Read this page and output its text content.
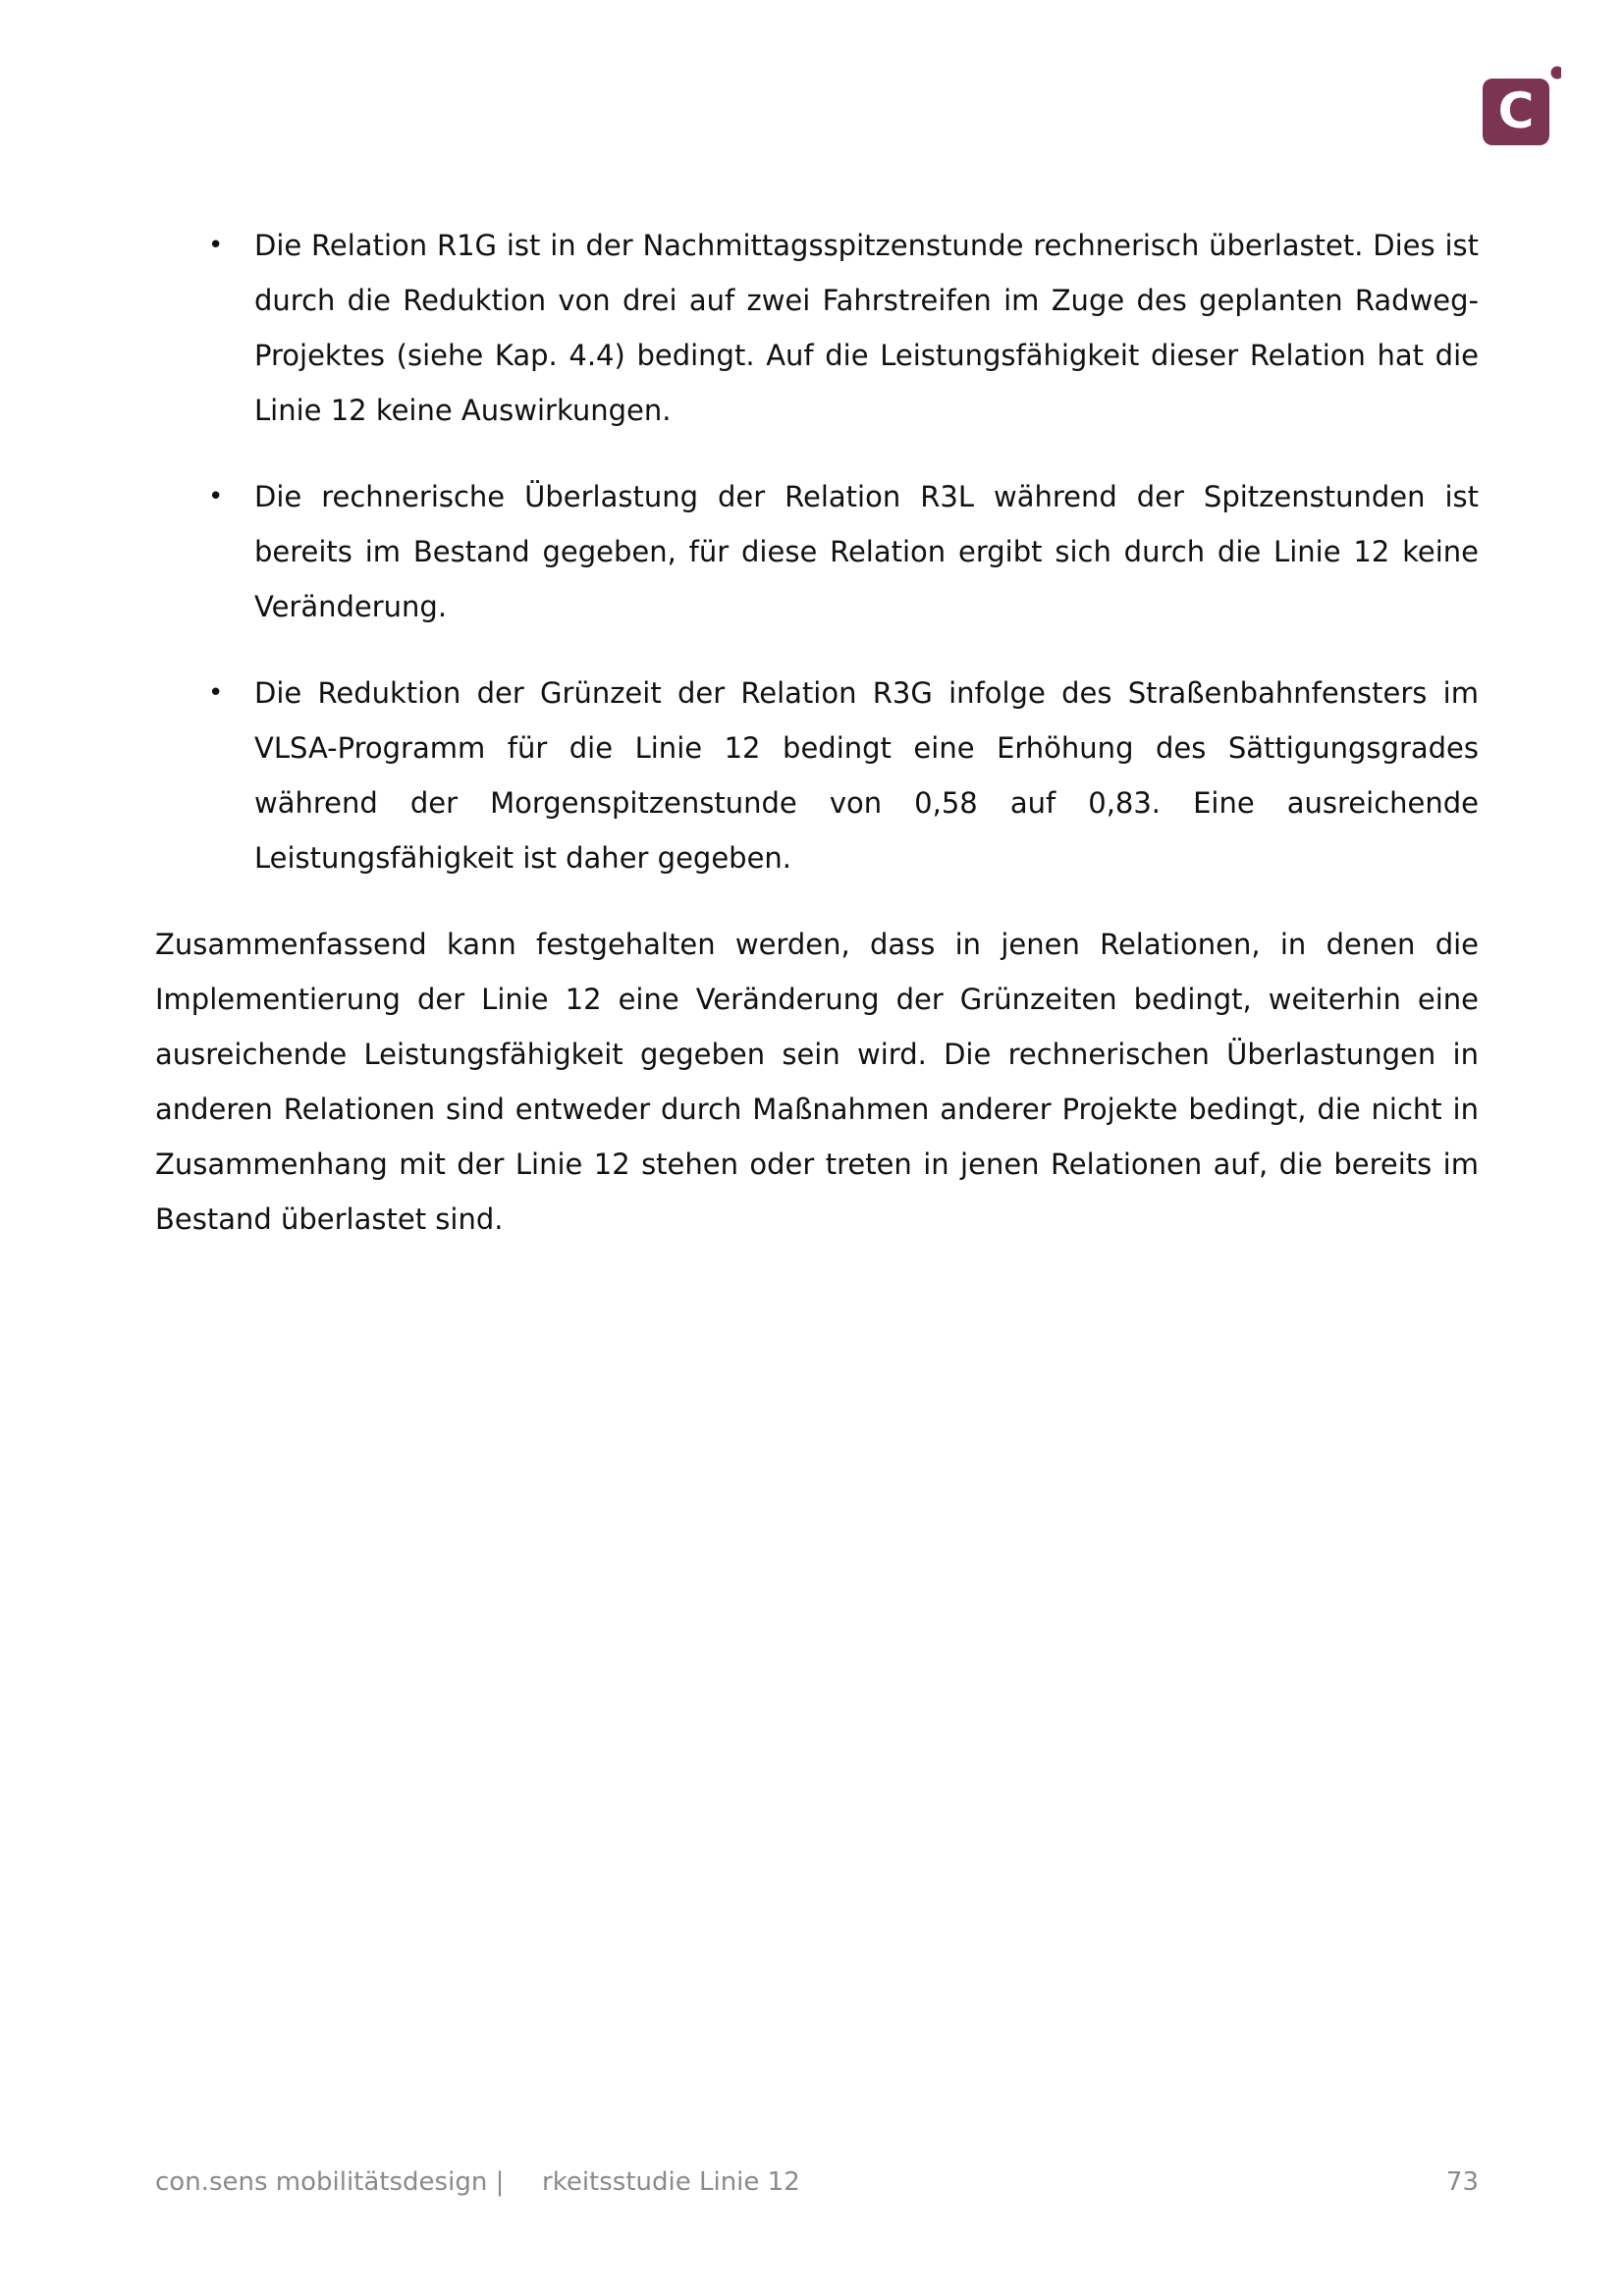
C
• Die Relation R1G ist in der Nachmittagsspitzenstunde rechnerisch überlastet. Dies ist durch die Reduktion von drei auf zwei Fahrstreifen im Zuge des geplanten Radweg-Projektes (siehe Kap. 4.4) bedingt. Auf die Leistungsfähigkeit dieser Relation hat die Linie 12 keine Auswirkungen.
• Die rechnerische Überlastung der Relation R3L während der Spitzenstunden ist bereits im Bestand gegeben, für diese Relation ergibt sich durch die Linie 12 keine Veränderung.
• Die Reduktion der Grünzeit der Relation R3G infolge des Straßenbahnfensters im VLSA-Programm für die Linie 12 bedingt eine Erhöhung des Sättigungsgrades während der Morgenspitzenstunde von 0,58 auf 0,83. Eine ausreichende Leistungsfähigkeit ist daher gegeben.

Zusammenfassend kann festgehalten werden, dass in jenen Relationen, in denen die Implementierung der Linie 12 eine Veränderung der Grünzeiten bedingt, weiterhin eine ausreichende Leistungsfähigkeit gegeben sein wird. Die rechnerischen Überlastungen in anderen Relationen sind entweder durch Maßnahmen anderer Projekte bedingt, die nicht in Zusammenhang mit der Linie 12 stehen oder treten in jenen Relationen auf, die bereits im Bestand überlastet sind.

con.sens mobilitätsdesign | rkeitsstudie Linie 12	73
